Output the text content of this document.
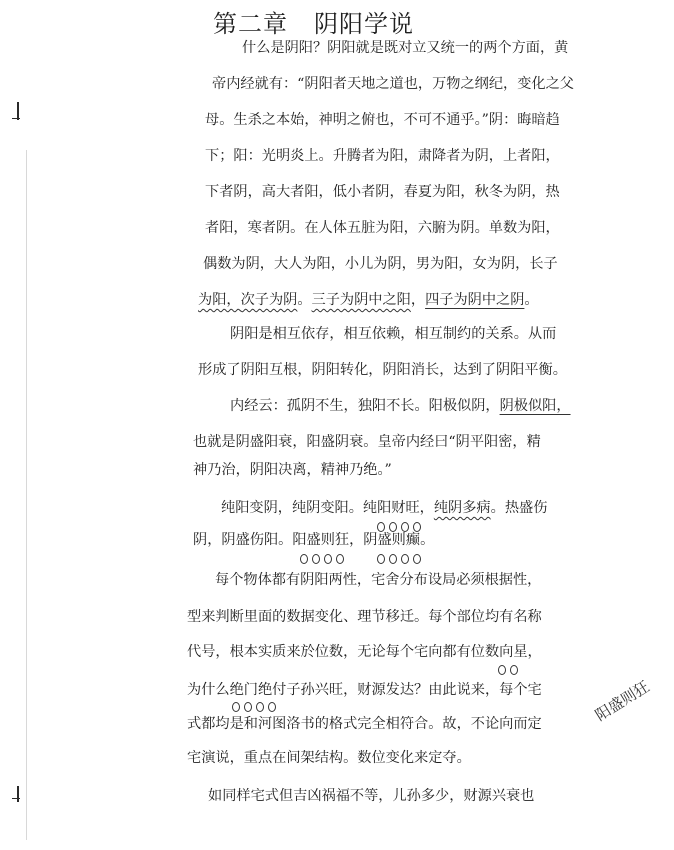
第二章 阴阳学说
什么是阴阳？阴阳就是既对立又统一的两个方面，黄
帝内经就有：“阴阳者天地之道也，万物之纲纪，变化之父
母。生杀之本始，神明之俯也，不可不通乎。”阴：晦暗趋
下；阳：光明炎上。升腾者为阳，肃降者为阴，上者阳，
下者阴，高大者阳，低小者阴，春夏为阳，秋冬为阴，热
者阳，寒者阴。在人体五脏为阳，六腑为阴。单数为阳，
偶数为阴，大人为阳，小儿为阴，男为阳，女为阴，长子
为阳，次子为阴。三子为阴中之阳，四子为阴中之阴。
阴阳是相互依存，相互依赖，相互制约的关系。从而
形成了阴阳互根，阴阳转化，阴阳消长，达到了阴阳平衡。
内经云：孤阴不生，独阳不长。阳极似阴，阴极似阳，
也就是阴盛阳衰，阳盛阴衰。皇帝内经曰“阴平阳密，精
神乃治，阴阳决离，精神乃绝。”
纯阳变阴，纯阴变阳。纯阳财旺，纯阴多病。热盛伤
阴，阴盛伤阳。阳盛则狂，阴盛则癫。
每个物体都有阴阳两性，宅舍分布设局必须根据性，
型来判断里面的数据变化、理节移迁。每个部位均有名称
代号，根本实质来於位数，无论每个宅向都有位数向星，
为什么绝门绝付子孙兴旺，财源发达？由此说来，每个宅
式都均是和河图洛书的格式完全相符合。故，不论向而定
宅演说，重点在间架结构。数位变化来定夺。
如同样宅式但吉凶祸福不等，儿孙多少，财源兴衰也
阳盛则狂
